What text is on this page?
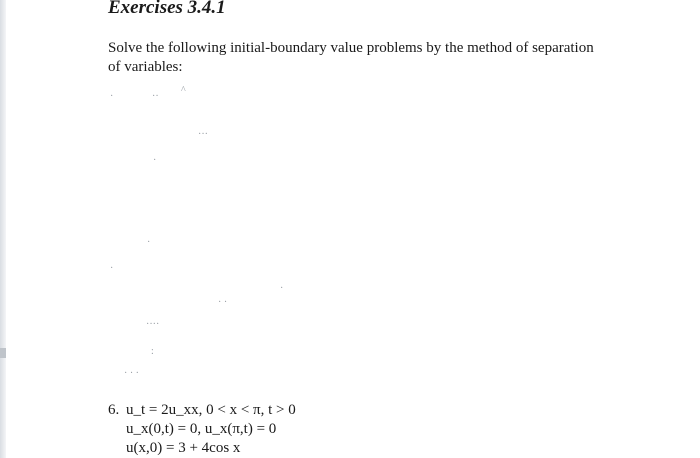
Exercises 3.4.1
Solve the following initial-boundary value problems by the method of separation of variables:
·	··
^
···
·
·
·
·
· ·
····
:
· · ·
6. u_t = 2u_xx, 0 < x < π, t > 0
u_x(0,t) = 0, u_x(π,t) = 0
u(x,0) = 3 + 4cos x
